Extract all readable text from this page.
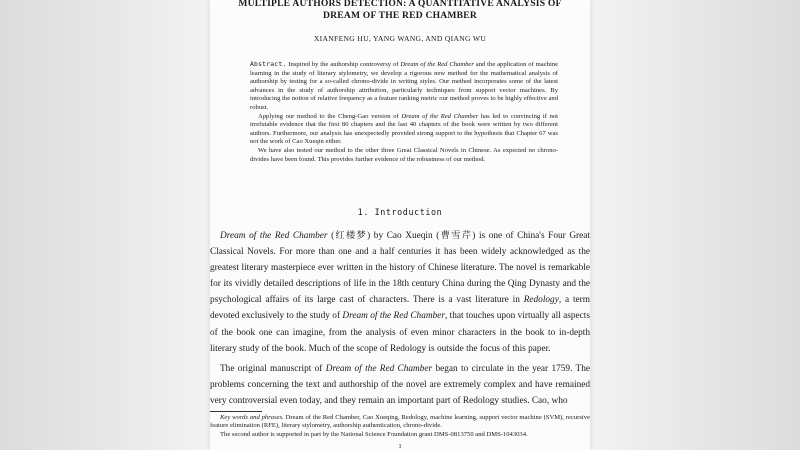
MULTIPLE AUTHORS DETECTION: A QUANTITATIVE ANALYSIS OF
DREAM OF THE RED CHAMBER
XIANFENG HU, YANG WANG, AND QIANG WU

Abstract. Inspired by the authorship controversy of Dream of the Red Chamber and the application of machine learning in the study of literary stylometry, we develop a rigorous new method for the mathematical analysis of authorship by testing for a so-called chrono-divide in writing styles. Our method incorporates some of the latest advances in the study of authorship attribution, particularly techniques from support vector machines. By introducing the notion of relative frequency as a feature ranking metric our method proves to be highly effective and robust.

Applying our method to the Cheng-Gao version of Dream of the Red Chamber has led to convincing if not irrefutable evidence that the first 80 chapters and the last 40 chapters of the book were written by two different authors. Furthermore, our analysis has unexpectedly provided strong support to the hypothesis that Chapter 67 was not the work of Cao Xueqin either.

We have also tested our method to the other three Great Classical Novels in Chinese. As expected no chrono-divides have been found. This provides further evidence of the robustness of our method.

1. Introduction

Dream of the Red Chamber (红楼梦) by Cao Xueqin (曹雪芹) is one of China's Four Great Classical Novels. For more than one and a half centuries it has been widely acknowledged as the greatest literary masterpiece ever written in the history of Chinese literature. The novel is remarkable for its vividly detailed descriptions of life in the 18th century China during the Qing Dynasty and the psychological affairs of its large cast of characters. There is a vast literature in Redology, a term devoted exclusively to the study of Dream of the Red Chamber, that touches upon virtually all aspects of the book one can imagine, from the analysis of even minor characters in the book to in-depth literary study of the book. Much of the scope of Redology is outside the focus of this paper.

The original manuscript of Dream of the Red Chamber began to circulate in the year 1759. The problems concerning the text and authorship of the novel are extremely complex and have remained very controversial even today, and they remain an important part of Redology studies. Cao, who

Key words and phrases. Dream of the Red Chamber, Cao Xueqing, Redology, machine learning, support vector machine (SVM), recursive feature elimination (RFE), literary stylometry, authorship authentication, chrono-divide.

The second author is supported in part by the National Science Foundation grant DMS-0813750 and DMS-1043034.

1
